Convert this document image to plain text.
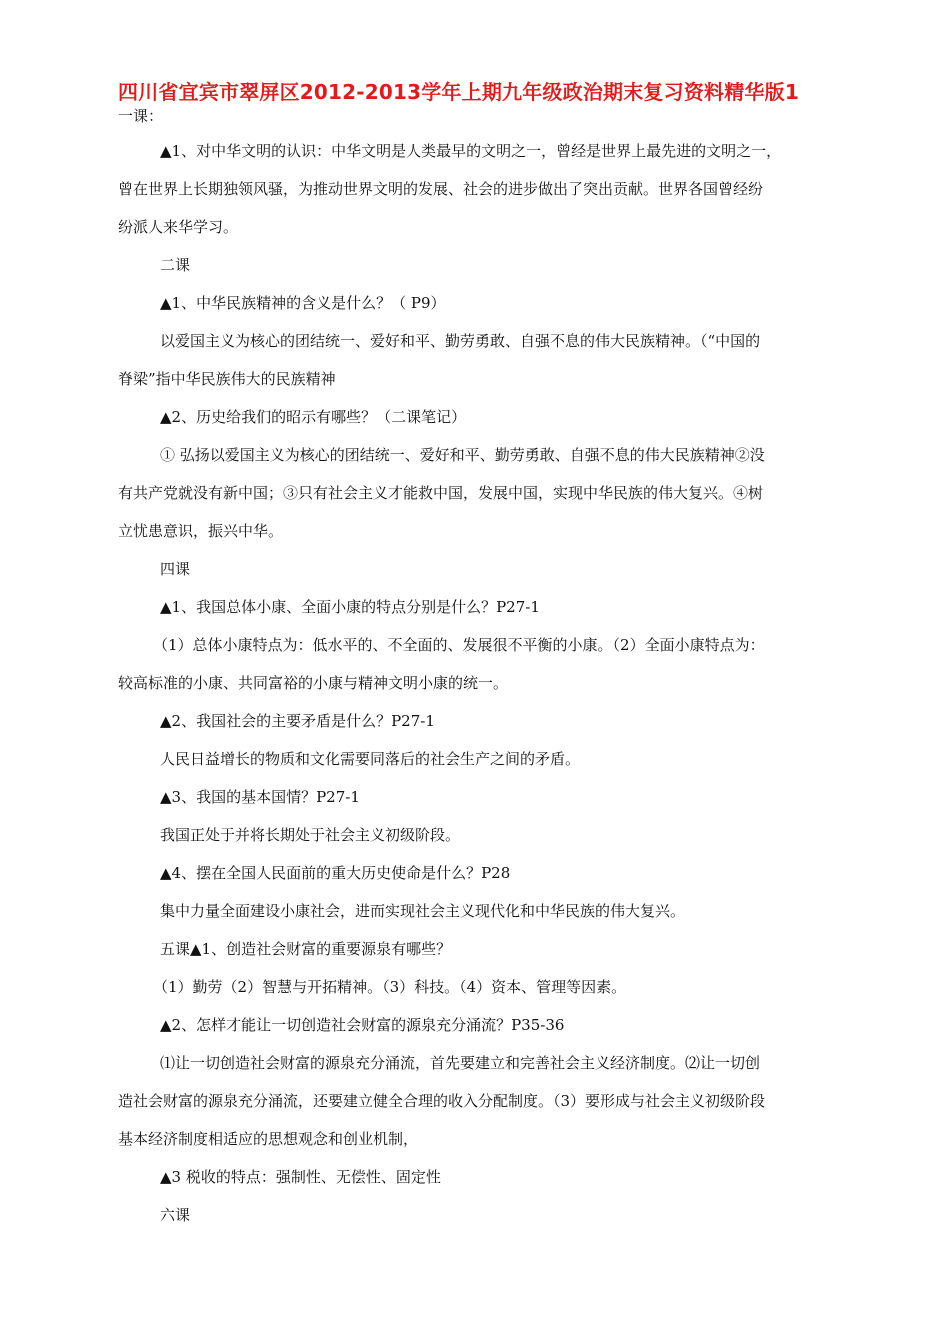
四川省宜宾市翠屏区2012-2013学年上期九年级政治期末复习资料精华版1

一课：

▲1、对中华文明的认识：中华文明是人类最早的文明之一，曾经是世界上最先进的文明之一，
曾在世界上长期独领风骚，为推动世界文明的发展、社会的进步做出了突出贡献。世界各国曾经纷
纷派人来华学习。
二课
▲1、中华民族精神的含义是什么？（ P9）
以爱国主义为核心的团结统一、爱好和平、勤劳勇敢、自强不息的伟大民族精神。（“中国的
脊梁”指中华民族伟大的民族精神
▲2、历史给我们的昭示有哪些？（二课笔记）
① 弘扬以爱国主义为核心的团结统一、爱好和平、勤劳勇敢、自强不息的伟大民族精神②没
有共产党就没有新中国；③只有社会主义才能救中国，发展中国，实现中华民族的伟大复兴。④树
立忧患意识，振兴中华。
四课
▲1、我国总体小康、全面小康的特点分别是什么？P27-1
（1）总体小康特点为：低水平的、不全面的、发展很不平衡的小康。（2）全面小康特点为：
较高标准的小康、共同富裕的小康与精神文明小康的统一。
▲2、我国社会的主要矛盾是什么？P27-1
人民日益增长的物质和文化需要同落后的社会生产之间的矛盾。
▲3、我国的基本国情？P27-1
我国正处于并将长期处于社会主义初级阶段。
▲4、摆在全国人民面前的重大历史使命是什么？P28
集中力量全面建设小康社会，进而实现社会主义现代化和中华民族的伟大复兴。
五课▲1、创造社会财富的重要源泉有哪些？
（1）勤劳（2）智慧与开拓精神。（3）科技。（4）资本、管理等因素。
▲2、怎样才能让一切创造社会财富的源泉充分涌流？P35-36
⑴让一切创造社会财富的源泉充分涌流，首先要建立和完善社会主义经济制度。⑵让一切创
造社会财富的源泉充分涌流，还要建立健全合理的收入分配制度。（3）要形成与社会主义初级阶段
基本经济制度相适应的思想观念和创业机制，
▲3 税收的特点：强制性、无偿性、固定性
六课
